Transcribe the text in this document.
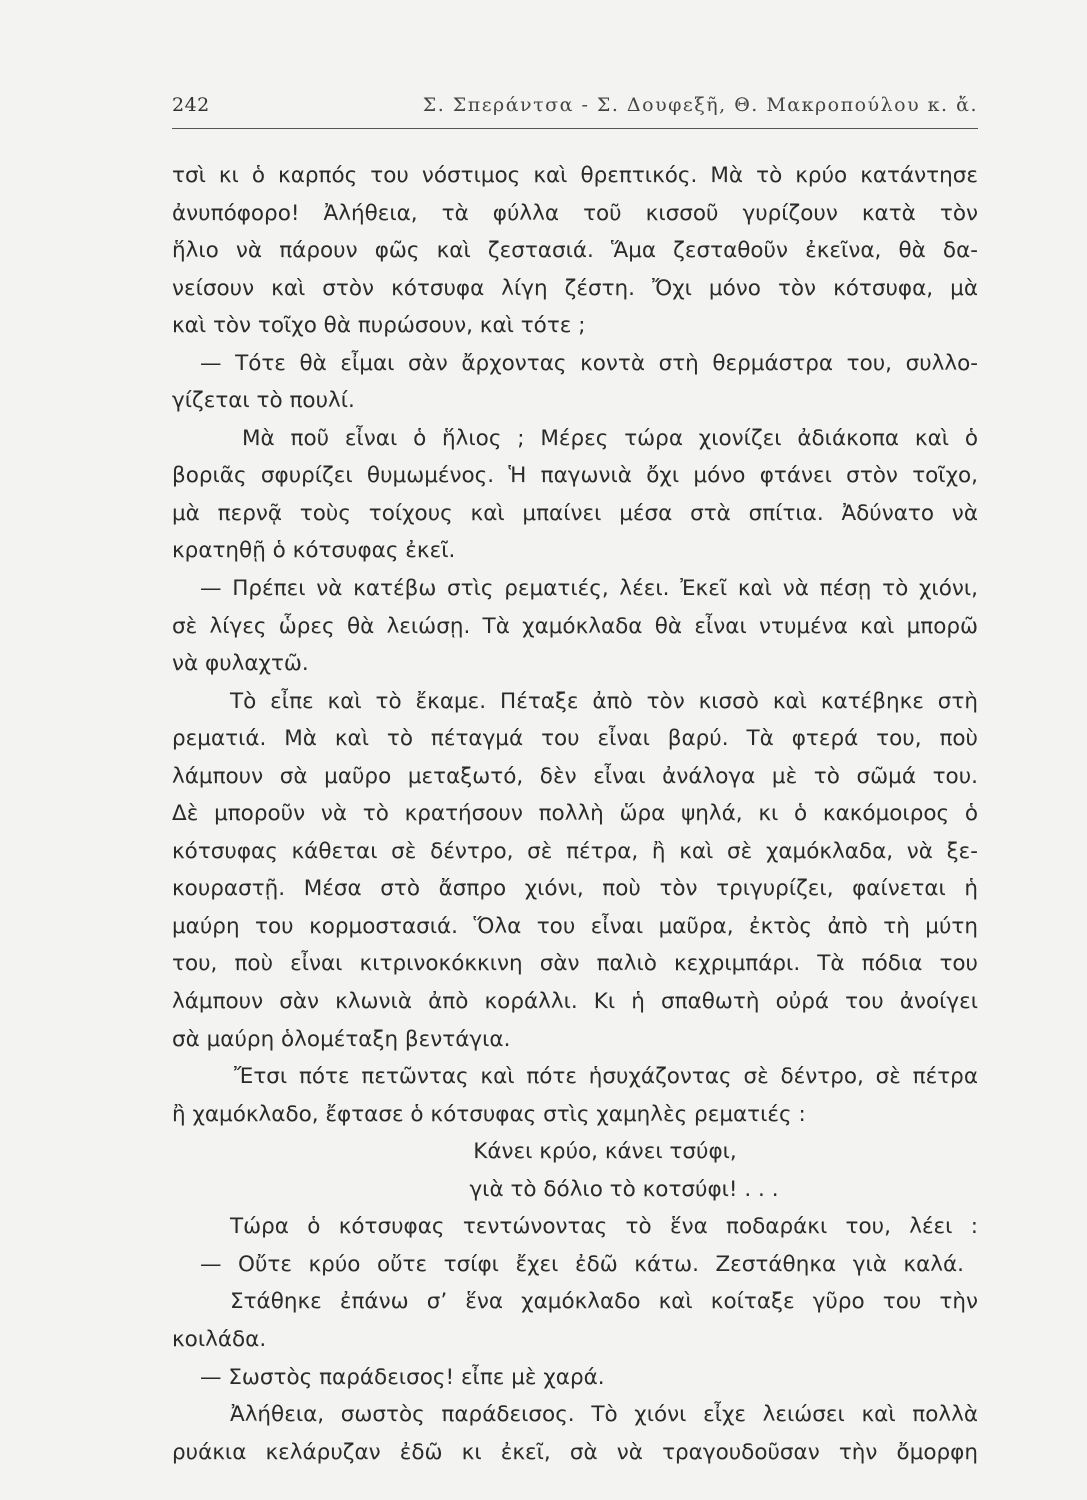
242	Σ. Σπεράντσα - Σ. Δουφεξῆ, Θ. Μακροπούλου κ. ἄ.
τσὶ κι ὁ καρπός του νόστιμος καὶ θρεπτικός. Μὰ τὸ κρύο κατάντησε
ἀνυπόφορο! Ἀλήθεια, τὰ φύλλα τοῦ κισσοῦ γυρίζουν κατὰ τὸν
ἥλιο νὰ πάρουν φῶς καὶ ζεστασιά. Ἅμα ζεσταθοῦν ἐκεῖνα, θὰ δα-
νείσουν καὶ στὸν κότσυφα λίγη ζέστη. Ὄχι μόνο τὸν κότσυφα, μὰ
καὶ τὸν τοῖχο θὰ πυρώσουν, καὶ τότε ;
— Τότε θὰ εἶμαι σὰν ἄρχοντας κοντὰ στὴ θερμάστρα του, συλλο-
γίζεται τὸ πουλί.
Μὰ ποῦ εἶναι ὁ ἥλιος ; Μέρες τώρα χιονίζει ἀδιάκοπα καὶ ὁ
βοριᾶς σφυρίζει θυμωμένος. Ἡ παγωνιὰ ὄχι μόνο φτάνει στὸν τοῖχο,
μὰ περνᾷ τοὺς τοίχους καὶ μπαίνει μέσα στὰ σπίτια. Ἀδύνατο νὰ
κρατηθῇ ὁ κότσυφας ἐκεῖ.
— Πρέπει νὰ κατέβω στὶς ρεματιές, λέει. Ἐκεῖ καὶ νὰ πέσῃ τὸ χιόνι,
σὲ λίγες ὧρες θὰ λειώσῃ. Τὰ χαμόκλαδα θὰ εἶναι ντυμένα καὶ μπορῶ
νὰ φυλαχτῶ.
Τὸ εἶπε καὶ τὸ ἔκαμε. Πέταξε ἀπὸ τὸν κισσὸ καὶ κατέβηκε στὴ
ρεματιά. Μὰ καὶ τὸ πέταγμά του εἶναι βαρύ. Τὰ φτερά του, ποὺ
λάμπουν σὰ μαῦρο μεταξωτό, δὲν εἶναι ἀνάλογα μὲ τὸ σῶμά του.
Δὲ μποροῦν νὰ τὸ κρατήσουν πολλὴ ὥρα ψηλά, κι ὁ κακόμοιρος ὁ
κότσυφας κάθεται σὲ δέντρο, σὲ πέτρα, ἢ καὶ σὲ χαμόκλαδα, νὰ ξε-
κουραστῇ. Μέσα στὸ ἄσπρο χιόνι, ποὺ τὸν τριγυρίζει, φαίνεται ἡ
μαύρη του κορμοστασιά. Ὅλα του εἶναι μαῦρα, ἐκτὸς ἀπὸ τὴ μύτη
του, ποὺ εἶναι κιτρινοκόκκινη σὰν παλιὸ κεχριμπάρι. Τὰ πόδια του
λάμπουν σὰν κλωνιὰ ἀπὸ κοράλλι. Κι ἡ σπαθωτὴ οὐρά του ἀνοίγει
σὰ μαύρη ὁλομέταξη βεντάγια.
Ἔτσι πότε πετῶντας καὶ πότε ἡσυχάζοντας σὲ δέντρο, σὲ πέτρα
ἢ χαμόκλαδο, ἔφτασε ὁ κότσυφας στὶς χαμηλὲς ρεματιές :
Κάνει κρύο, κάνει τσύφι,
γιὰ τὸ δόλιο τὸ κοτσύφι! . . .
Τώρα ὁ κότσυφας τεντώνοντας τὸ ἕνα ποδαράκι του, λέει :
— Οὔτε κρύο οὔτε τσίφι ἔχει ἐδῶ κάτω. Ζεστάθηκα γιὰ καλά.
Στάθηκε ἐπάνω σ’ ἕνα χαμόκλαδο καὶ κοίταξε γῦρο του τὴν
κοιλάδα.
— Σωστὸς παράδεισος! εἶπε μὲ χαρά.
Ἀλήθεια, σωστὸς παράδεισος. Τὸ χιόνι εἶχε λειώσει καὶ πολλὰ
ρυάκια κελάρυζαν ἐδῶ κι ἐκεῖ, σὰ νὰ τραγουδοῦσαν τὴν ὄμορφη
